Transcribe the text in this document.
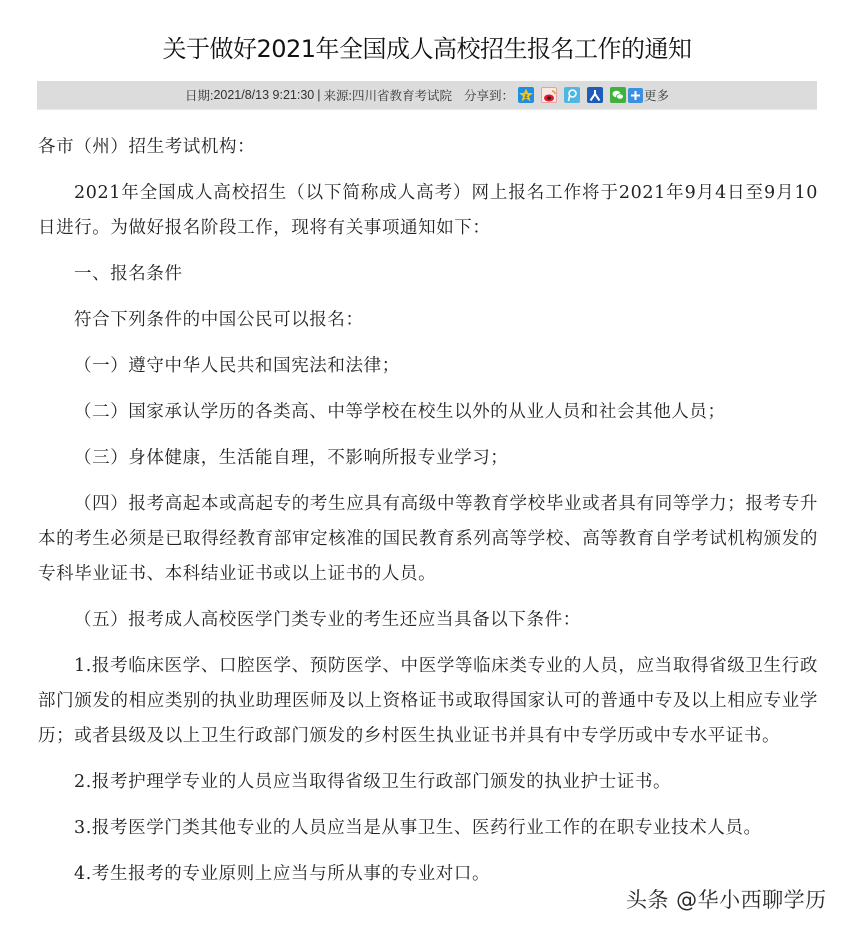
关于做好2021年全国成人高校招生报名工作的通知
日期: 2021/8/13 9:21:30 | 来源: 四川省教育考试院 分享到： z	更多

各市（州）招生考试机构：

2021年全国成人高校招生（以下简称成人高考）网上报名工作将于2021年9月4日至9月10日进行。为做好报名阶段工作，现将有关事项通知如下：

一、报名条件

符合下列条件的中国公民可以报名：

（一）遵守中华人民共和国宪法和法律；

（二）国家承认学历的各类高、中等学校在校生以外的从业人员和社会其他人员；

（三）身体健康，生活能自理，不影响所报专业学习；

（四）报考高起本或高起专的考生应具有高级中等教育学校毕业或者具有同等学力；报考专升本的考生必须是已取得经教育部审定核准的国民教育系列高等学校、高等教育自学考试机构颁发的专科毕业证书、本科结业证书或以上证书的人员。

（五）报考成人高校医学门类专业的考生还应当具备以下条件：

1.报考临床医学、口腔医学、预防医学、中医学等临床类专业的人员，应当取得省级卫生行政部门颁发的相应类别的执业助理医师及以上资格证书或取得国家认可的普通中专及以上相应专业学历；或者县级及以上卫生行政部门颁发的乡村医生执业证书并具有中专学历或中专水平证书。

2.报考护理学专业的人员应当取得省级卫生行政部门颁发的执业护士证书。

3.报考医学门类其他专业的人员应当是从事卫生、医药行业工作的在职专业技术人员。

4.考生报考的专业原则上应当与所从事的专业对口。

头条 @华小西聊学历
